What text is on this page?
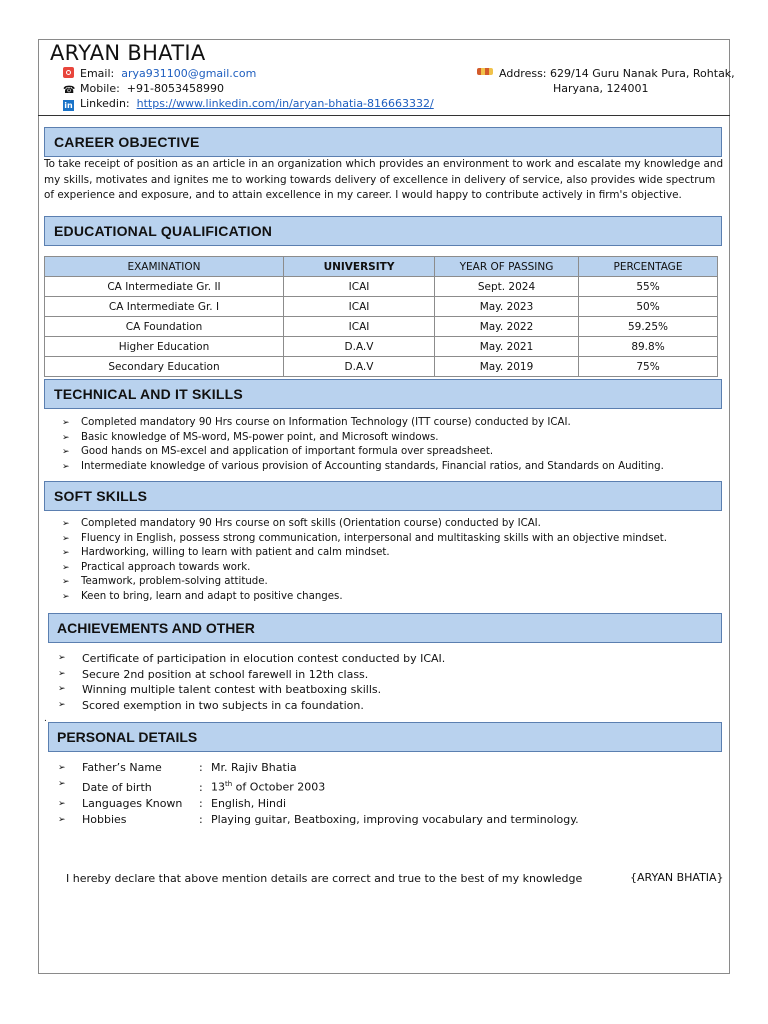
ARYAN BHATIA
Email: arya931100@gmail.com
☎ Mobile: +91-8053458990
in Linkedin: https://www.linkedin.com/in/aryan-bhatia-816663332/
Address: 629/14 Guru Nanak Pura, Rohtak,
Haryana, 124001
CAREER OBJECTIVE
To take receipt of position as an article in an organization which provides an environment to work and escalate my knowledge and my skills, motivates and ignites me to working towards delivery of excellence in delivery of service, also provides wide spectrum of experience and exposure, and to attain excellence in my career. I would happy to contribute actively in firm's objective.
EDUCATIONAL QUALIFICATION
EXAMINATION	UNIVERSITY	YEAR OF PASSING	PERCENTAGE
CA Intermediate Gr. II	ICAI	Sept. 2024	55%
CA Intermediate Gr. I	ICAI	May. 2023	50%
CA Foundation	ICAI	May. 2022	59.25%
Higher Education	D.A.V	May. 2021	89.8%
Secondary Education	D.A.V	May. 2019	75%
TECHNICAL AND IT SKILLS
➢ Completed mandatory 90 Hrs course on Information Technology (ITT course) conducted by ICAI.
➢ Basic knowledge of MS-word, MS-power point, and Microsoft windows.
➢ Good hands on MS-excel and application of important formula over spreadsheet.
➢ Intermediate knowledge of various provision of Accounting standards, Financial ratios, and Standards on Auditing.
SOFT SKILLS
➢ Completed mandatory 90 Hrs course on soft skills (Orientation course) conducted by ICAI.
➢ Fluency in English, possess strong communication, interpersonal and multitasking skills with an objective mindset.
➢ Hardworking, willing to learn with patient and calm mindset.
➢ Practical approach towards work.
➢ Teamwork, problem-solving attitude.
➢ Keen to bring, learn and adapt to positive changes.
ACHIEVEMENTS AND OTHER
➢ Certificate of participation in elocution contest conducted by ICAI.
➢ Secure 2nd position at school farewell in 12th class.
➢ Winning multiple talent contest with beatboxing skills.
➢ Scored exemption in two subjects in ca foundation.
.
PERSONAL DETAILS
➢ Father’s Name	: Mr. Rajiv Bhatia
➢ Date of birth	: 13th of October 2003
➢ Languages Known : English, Hindi
➢ Hobbies	: Playing guitar, Beatboxing, improving vocabulary and terminology.
I hereby declare that above mention details are correct and true to the best of my knowledge	{ARYAN BHATIA}
